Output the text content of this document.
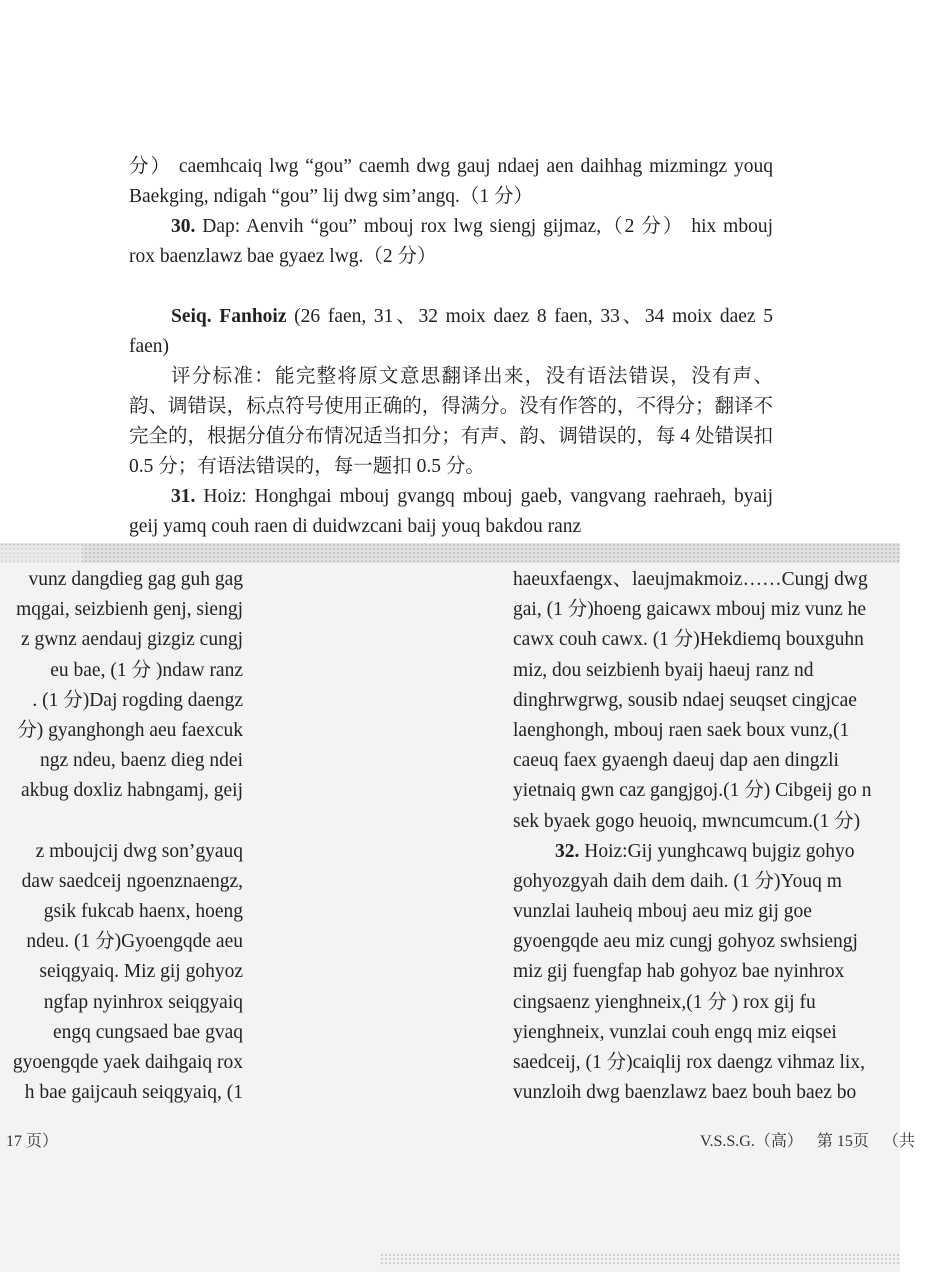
分） caemhcaiq lwg “gou” caemh dwg gauj ndaej aen daihhag mizmingz youq Baekging, ndigah “gou” lij dwg sim’angq.（1 分）

30. Dap: Aenvih “gou” mbouj rox lwg siengj gijmaz,（2 分） hix mbouj rox baenzlawz bae gyaez lwg.（2 分）

Seiq. Fanhoiz (26 faen, 31、32 moix daez 8 faen, 33、34 moix daez 5 faen)

评分标准：能完整将原文意思翻译出来，没有语法错误，没有声、韵、调错误，标点符号使用正确的，得满分。没有作答的，不得分；翻译不完全的，根据分值分布情况适当扣分；有声、韵、调错误的，每 4 处错误扣 0.5 分；有语法错误的，每一题扣 0.5 分。

31. Hoiz: Honghgai mbouj gvangq mbouj gaeb, vangvang raehraeh, byaij geij yamq couh raen di duidwzcani baij youq bakdou ranz

vunz dangdieg gag guh gag
mqgai, seizbienh genj, siengj
z gwnz aendauj gizgiz cungj
eu bae, (1 分 )ndaw ranz
. (1 分)Daj rogding daengz
分) gyanghongh aeu faexcuk
ngz ndeu, baenz dieg ndei
akbug doxliz habngamj, geij
z mboujcij dwg son’gyauq
daw saedceij ngoenznaengz,
gsik fukcab haenx, hoeng
ndeu. (1 分)Gyoengqde aeu
seiqgyaiq. Miz gij gohyoz
ngfap nyinhrox seiqgyaiq
engq cungsaed bae gvaq
gyoengqde yaek daihgaiq rox
h bae gaijcauh seiqgyaiq, (1
haeuxfaengx、laeujmakmoiz……Cungj dwg
gai, (1 分)hoeng gaicawx mbouj miz vunz he
cawx couh cawx. (1 分)Hekdiemq bouxguhn
miz, dou seizbienh byaij haeuj ranz nd
dinghrwgrwg, sousib ndaej seuqset cingjcae
laenghongh, mbouj raen saek boux vunz,(1
caeuq faex gyaengh daeuj dap aen dingzli
yietnaiq gwn caz gangjgoj.(1 分) Cibgeij go n
sek byaek gogo heuoiq, mwncumcum.(1 分)
32. Hoiz:Gij yunghcawq bujgiz gohyo
gohyozgyah daih dem daih. (1 分)Youq m
vunzlai lauheiq mbouj aeu miz gij goe
gyoengqde aeu miz cungj gohyoz swhsiengj
miz gij fuengfap hab gohyoz bae nyinhrox
cingsaenz yienghneix,(1 分 ) rox gij fu
yienghneix, vunzlai couh engq miz eiqsei
saedceij, (1 分)caiqlij rox daengz vihmaz lix,
vunzloih dwg baenzlawz baez bouh baez bo
17 页）	V.S.S.G.（高） 第 15页 （共
